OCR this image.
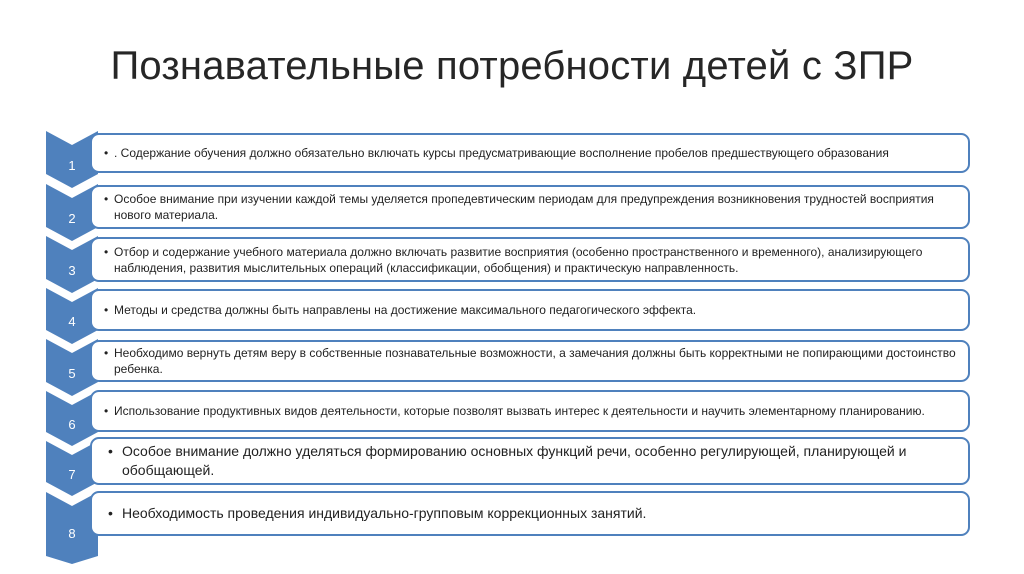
Познавательные потребности детей с ЗПР
1
• . Содержание обучения должно обязательно включать курсы предусматривающие восполнение пробелов предшествующего образования
2
• Особое внимание при изучении каждой темы уделяется пропедевтическим периодам для предупреждения возникновения трудностей восприятия нового материала.
3
• Отбор и содержание учебного материала должно включать развитие восприятия (особенно пространственного и временного), анализирующего наблюдения, развития мыслительных операций (классификации, обобщения) и практическую направленность.
4
• Методы и средства должны быть направлены на достижение максимального педагогического эффекта.
5
• Необходимо вернуть детям веру в собственные познавательные возможности, а замечания должны быть корректными не попирающими достоинство ребенка.
6
• Использование продуктивных видов деятельности, которые позволят вызвать интерес к деятельности и научить элементарному планированию.
7
• Особое внимание должно уделяться формированию основных функций речи, особенно регулирующей, планирующей и обобщающей.
8
• Необходимость проведения индивидуально-групповым коррекционных занятий.
